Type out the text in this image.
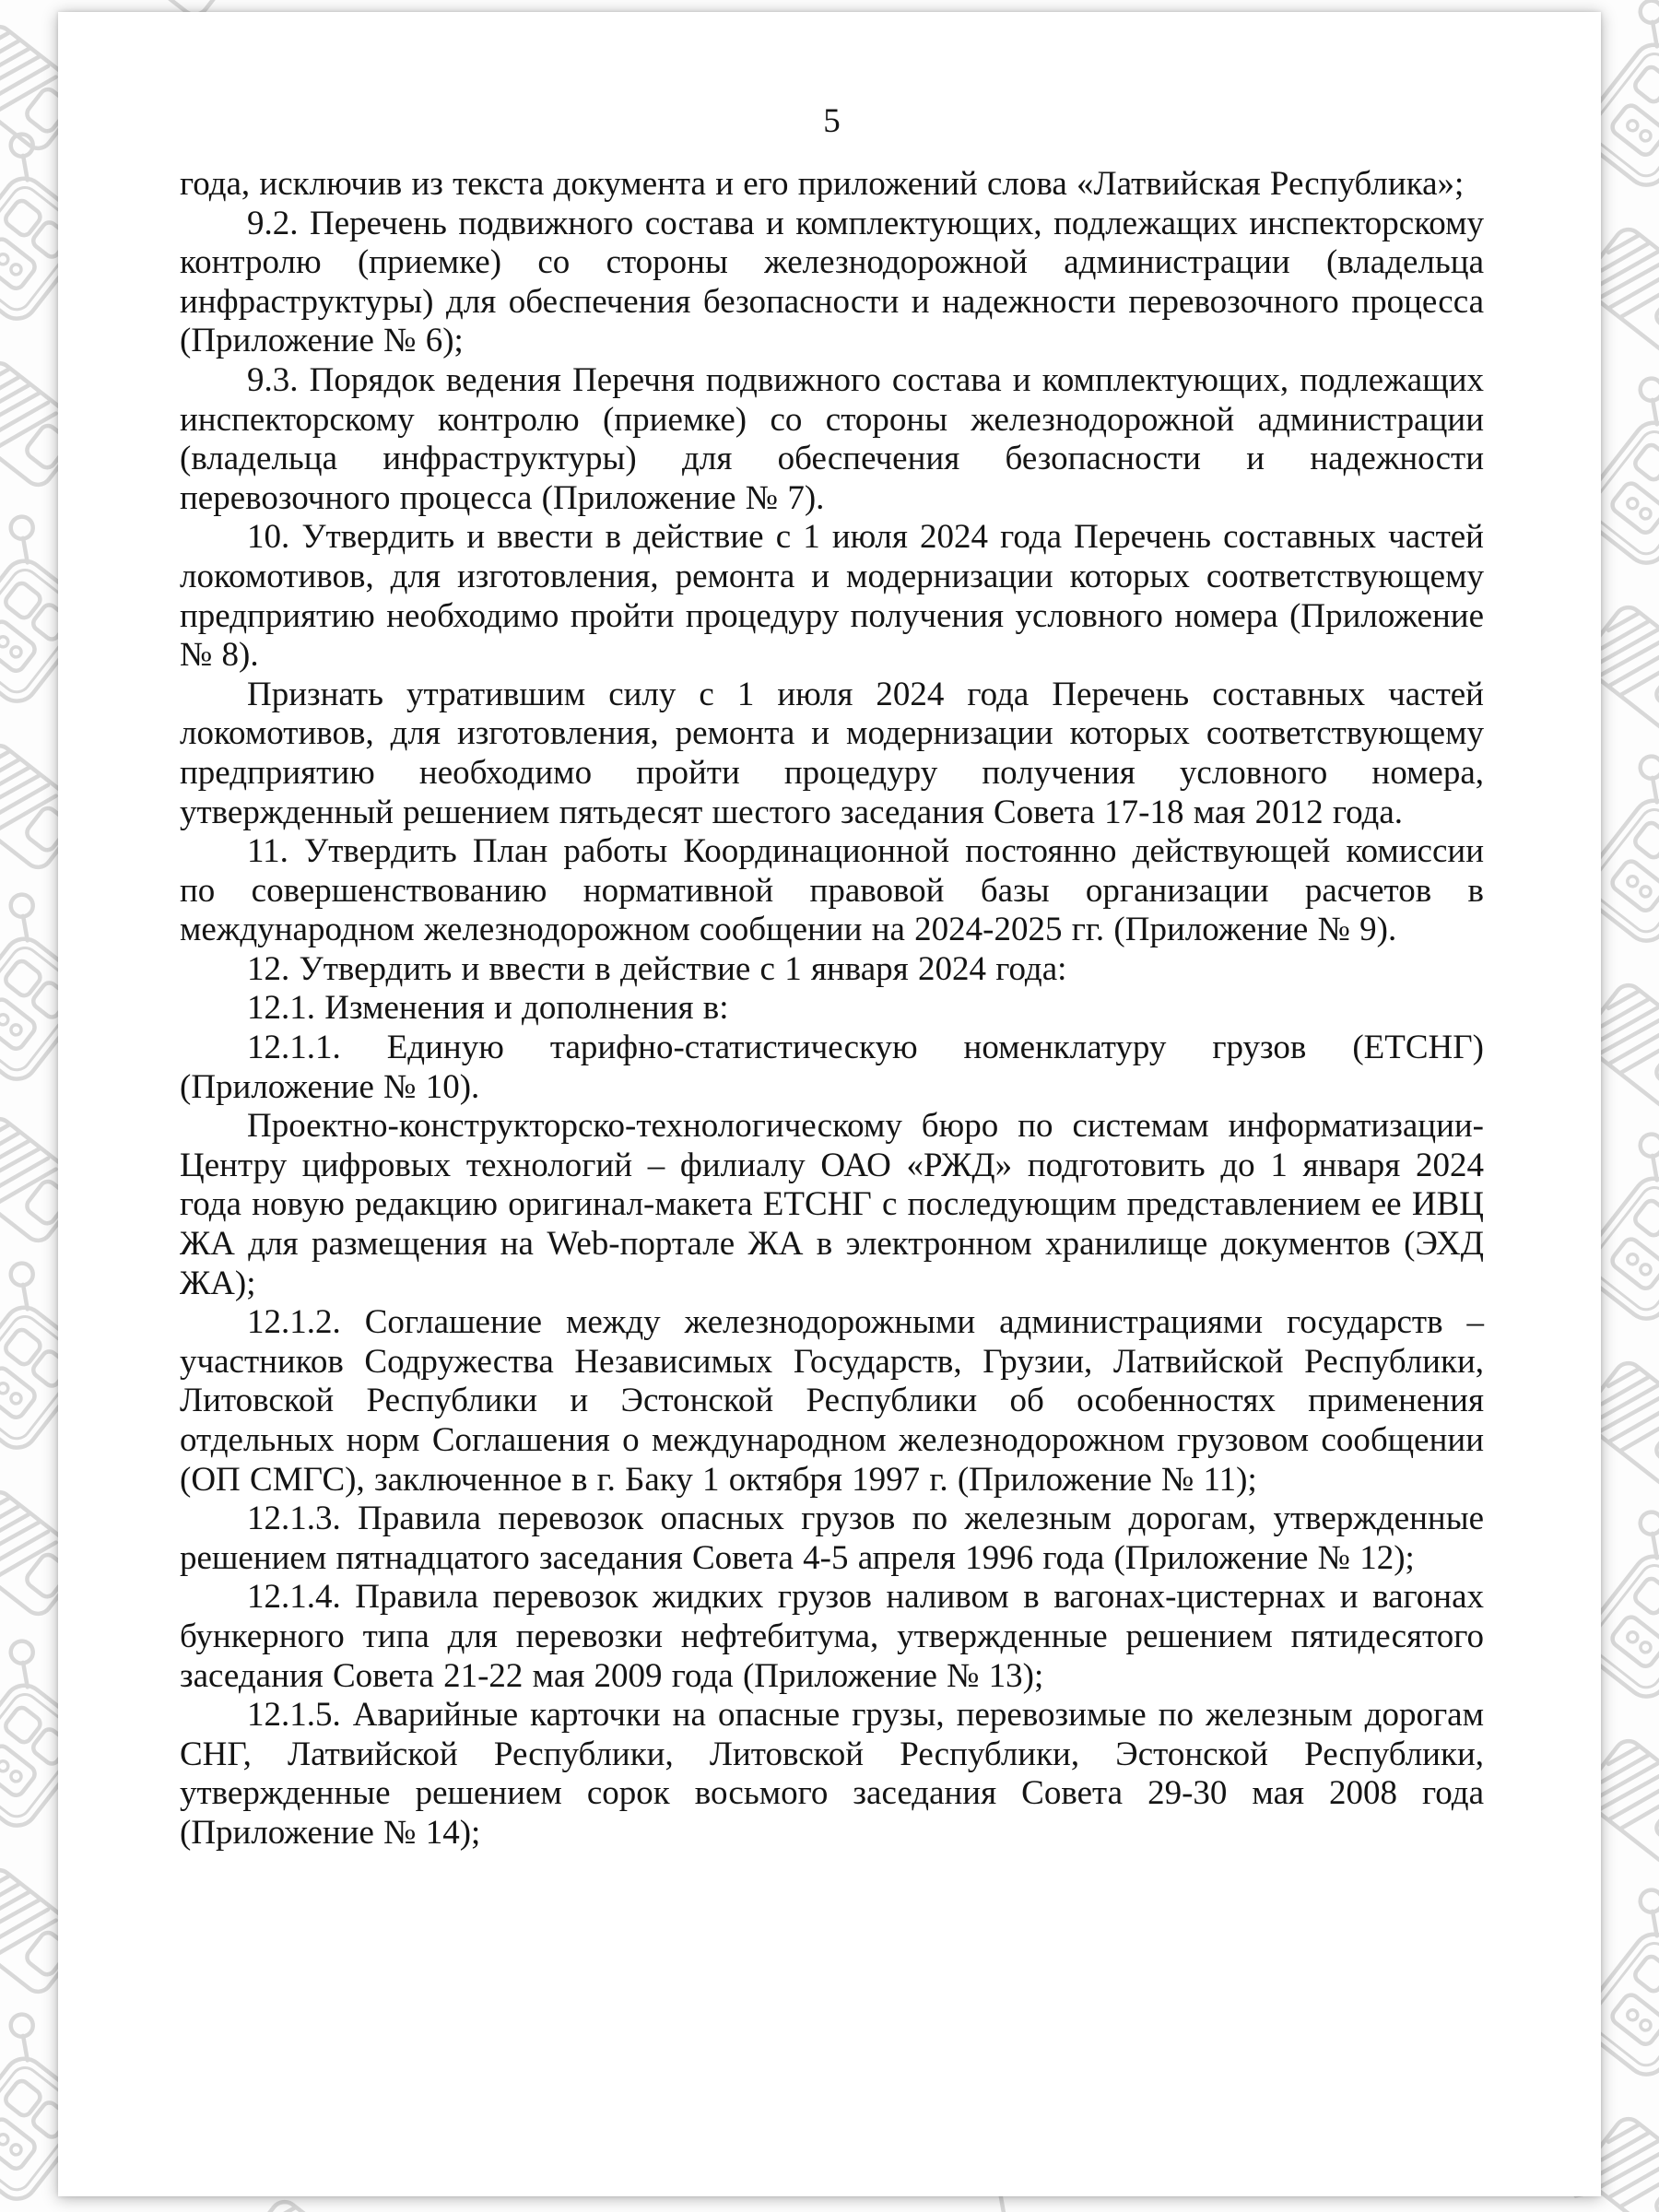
5

года, исключив из текста документа и его приложений слова «Латвийская Республика»;

9.2. Перечень подвижного состава и комплектующих, подлежащих инспекторскому контролю (приемке) со стороны железнодорожной администрации (владельца инфраструктуры) для обеспечения безопасности и надежности перевозочного процесса (Приложение № 6);

9.3. Порядок ведения Перечня подвижного состава и комплектующих, подлежащих инспекторскому контролю (приемке) со стороны железнодорожной администрации (владельца инфраструктуры) для обеспечения безопасности и надежности перевозочного процесса (Приложение № 7).

10. Утвердить и ввести в действие с 1 июля 2024 года Перечень составных частей локомотивов, для изготовления, ремонта и модернизации которых соответствующему предприятию необходимо пройти процедуру получения условного номера (Приложение № 8).

Признать утратившим силу с 1 июля 2024 года Перечень составных частей локомотивов, для изготовления, ремонта и модернизации которых соответствующему предприятию необходимо пройти процедуру получения условного номера, утвержденный решением пятьдесят шестого заседания Совета 17-18 мая 2012 года.

11. Утвердить План работы Координационной постоянно действующей комиссии по совершенствованию нормативной правовой базы организации расчетов в международном железнодорожном сообщении на 2024-2025 гг. (Приложение № 9).

12. Утвердить и ввести в действие с 1 января 2024 года:

12.1. Изменения и дополнения в:

12.1.1. Единую тарифно-статистическую номенклатуру грузов (ЕТСНГ) (Приложение № 10).

Проектно-конструкторско-технологическому бюро по системам информатизации-Центру цифровых технологий – филиалу ОАО «РЖД» подготовить до 1 января 2024 года новую редакцию оригинал-макета ЕТСНГ с последующим представлением ее ИВЦ ЖА для размещения на Web-портале ЖА в электронном хранилище документов (ЭХД ЖА);

12.1.2. Соглашение между железнодорожными администрациями государств – участников Содружества Независимых Государств, Грузии, Латвийской Республики, Литовской Республики и Эстонской Республики об особенностях применения отдельных норм Соглашения о международном железнодорожном грузовом сообщении (ОП СМГС), заключенное в г. Баку 1 октября 1997 г. (Приложение № 11);

12.1.3. Правила перевозок опасных грузов по железным дорогам, утвержденные решением пятнадцатого заседания Совета 4-5 апреля 1996 года (Приложение № 12);

12.1.4. Правила перевозок жидких грузов наливом в вагонах-цистернах и вагонах бункерного типа для перевозки нефтебитума, утвержденные решением пятидесятого заседания Совета 21-22 мая 2009 года (Приложение № 13);

12.1.5. Аварийные карточки на опасные грузы, перевозимые по железным дорогам СНГ, Латвийской Республики, Литовской Республики, Эстонской Республики, утвержденные решением сорок восьмого заседания Совета 29-30 мая 2008 года (Приложение № 14);
